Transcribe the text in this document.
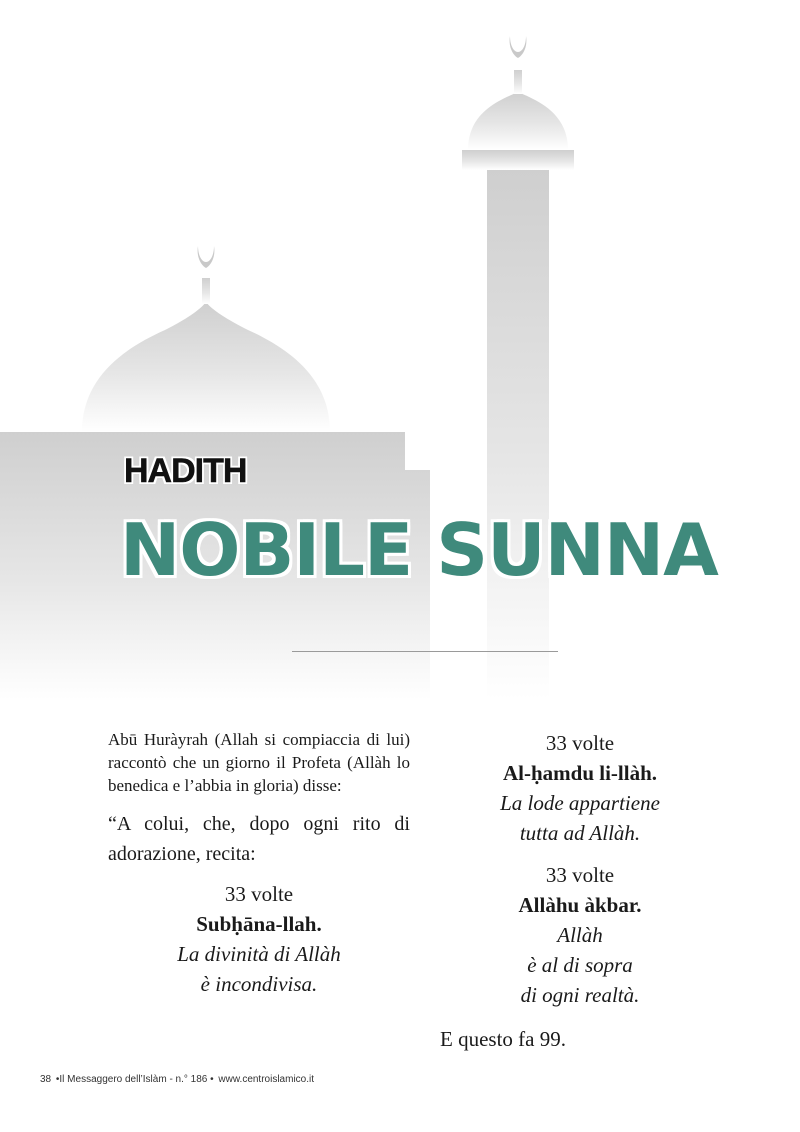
HADITH
NOBILE SUNNA

Abū Huràyrah (Allah si compiaccia di lui) raccontò che un giorno il Profeta (Allàh lo benedica e l’abbia in gloria) disse:

“A colui, che, dopo ogni rito di adorazione, recita:

33 volte
Subḥāna-llah.
La divinità di Allàh
è incondivisa.
33 volte
Al-ḥamdu li-llàh.
La lode appartiene
tutta ad Allàh.
33 volte
Allàhu àkbar.
Allàh
è al di sopra
di ogni realtà.
E questo fa 99.
38 •Il Messaggero dell’Islàm - n.° 186 • www.centroislamico.it
